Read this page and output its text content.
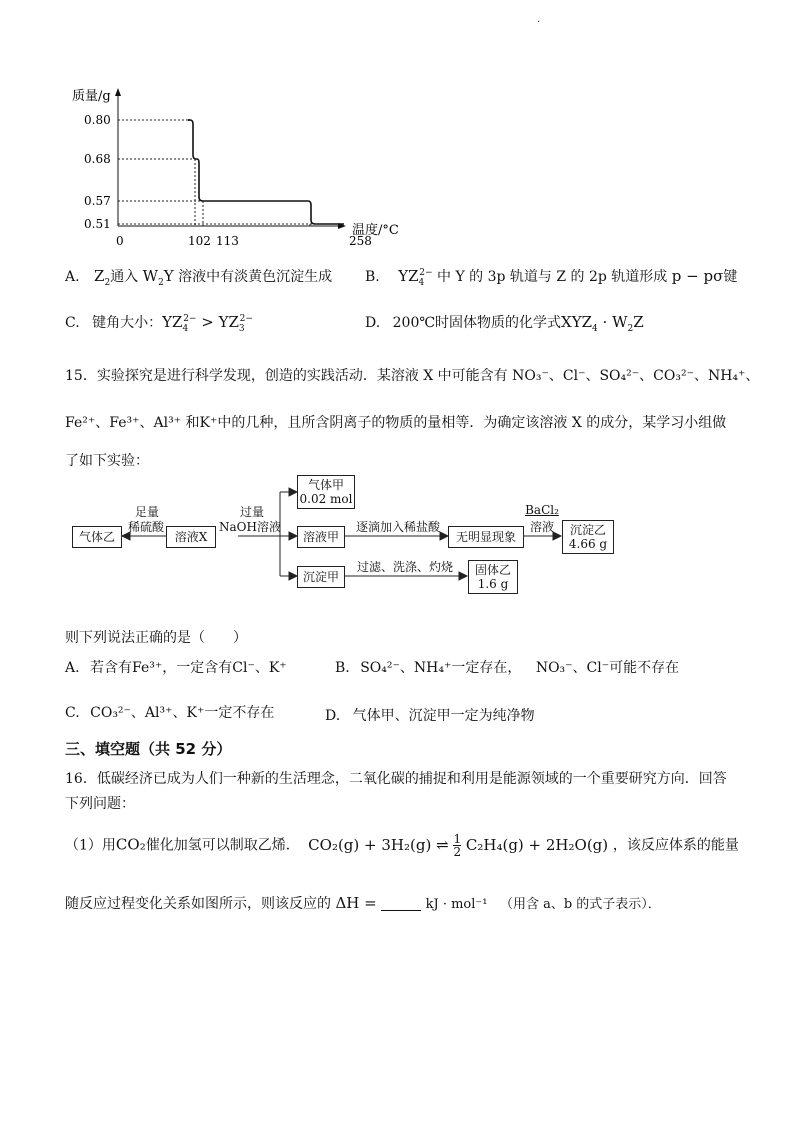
.
质量/g
温度/°C
0.80
0.68
0.57
0.51
0	102 113	258
A. $Z_2$通入 $W_2Y$ 溶液中有淡黄色沉淀生成 B. $YZ_4^{2-}$ 中 Y 的 3p 轨道与 Z 的 2p 轨道形成 p − pσ键
C. 键角大小：$YZ_4^{2-} > YZ_3^{2-}$	D. 200℃时固体物质的化学式$XYZ_4 \cdot W_2Z$
15．实验探究是进行科学发现，创造的实践活动．某溶液 X 中可能含有 NO₃⁻、Cl⁻、SO₄²⁻、CO₃²⁻、NH₄⁺、
Fe²⁺、Fe³⁺、Al³⁺ 和K⁺中的几种，且所含阴离子的物质的量相等．为确定该溶液 X 的成分，某学习小组做
了如下实验：
气体乙
足量
稀硫酸
溶液X
过量
NaOH溶液
气体甲
0.02 mol
溶液甲
逐滴加入稀盐酸
无明显现象
BaCl₂
溶液	沉淀乙
4.66 g
沉淀甲
过滤、洗涤、灼烧	固体乙
1.6 g
则下列说法正确的是（　　）
A. 若含有Fe³⁺，一定含有Cl⁻、K⁺	B. SO₄²⁻、NH₄⁺一定存在， NO₃⁻、Cl⁻可能不存在
C. CO₃²⁻、Al³⁺、K⁺一定不存在	D. 气体甲、沉淀甲一定为纯净物
三、填空题（共 52 分）
16．低碳经济已成为人们一种新的生活理念，二氧化碳的捕捉和利用是能源领域的一个重要研究方向．回答
下列问题：
（1）用CO₂催化加氢可以制取乙烯． CO₂(g) + 3H₂(g) ⇌ $\frac{1}{2} C_2H_4(g) + 2H_2O(g)$ ，该反应体系的能量
随反应过程变化关系如图所示，则该反应的 ΔH =	kJ · mol⁻¹ （用含 a、b 的式子表示）．
